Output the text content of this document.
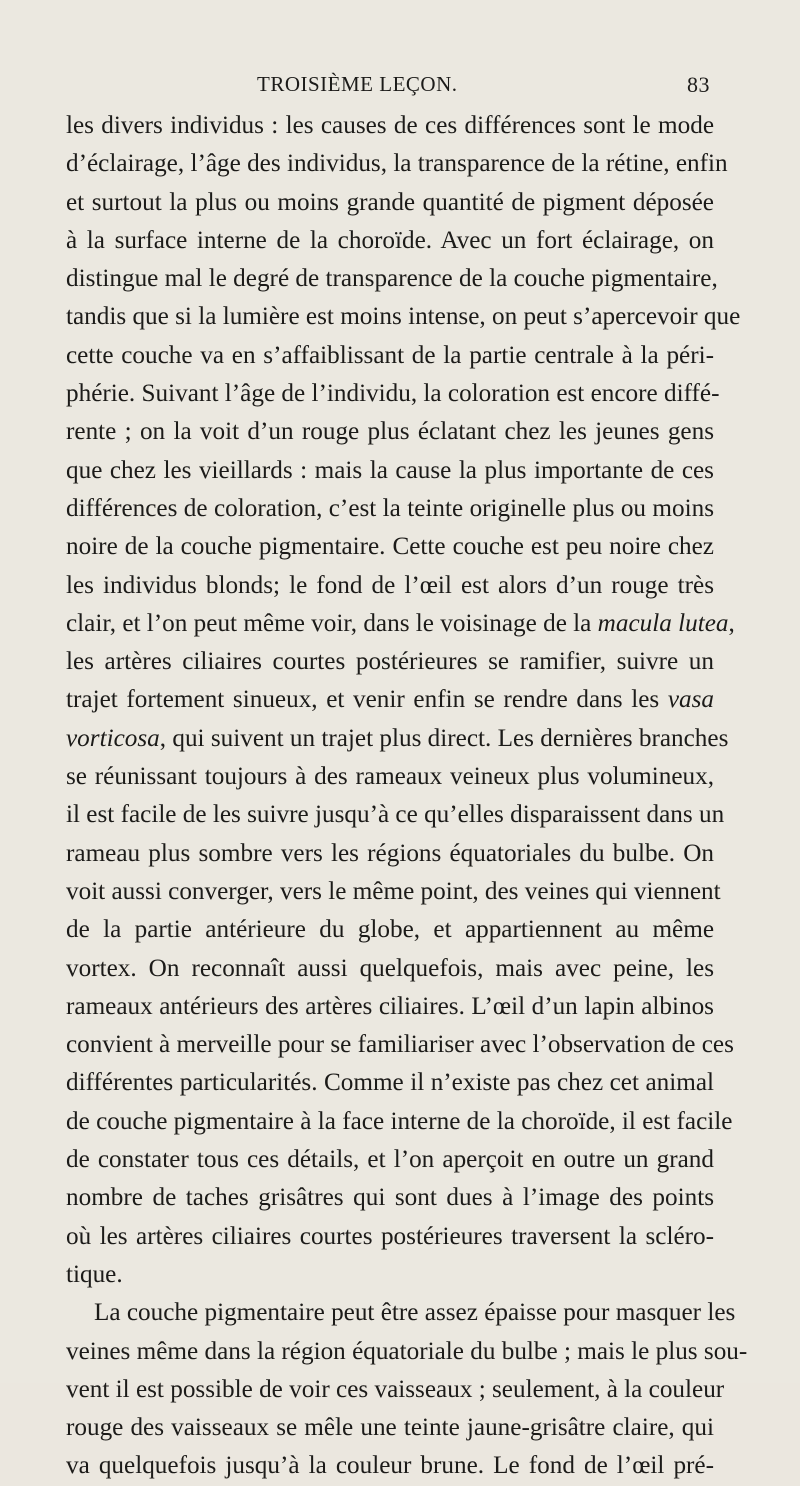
TROISIÈME LEÇON.	83
les divers individus : les causes de ces différences sont le mode
d’éclairage, l’âge des individus, la transparence de la rétine, enfin
et surtout la plus ou moins grande quantité de pigment déposée
à la surface interne de la choroïde. Avec un fort éclairage, on
distingue mal le degré de transparence de la couche pigmentaire,
tandis que si la lumière est moins intense, on peut s’apercevoir que
cette couche va en s’affaiblissant de la partie centrale à la péri-
phérie. Suivant l’âge de l’individu, la coloration est encore diffé-
rente ; on la voit d’un rouge plus éclatant chez les jeunes gens
que chez les vieillards : mais la cause la plus importante de ces
différences de coloration, c’est la teinte originelle plus ou moins
noire de la couche pigmentaire. Cette couche est peu noire chez
les individus blonds; le fond de l’œil est alors d’un rouge très
clair, et l’on peut même voir, dans le voisinage de la macula lutea,
les artères ciliaires courtes postérieures se ramifier, suivre un
trajet fortement sinueux, et venir enfin se rendre dans les vasa
vorticosa, qui suivent un trajet plus direct. Les dernières branches
se réunissant toujours à des rameaux veineux plus volumineux,
il est facile de les suivre jusqu’à ce qu’elles disparaissent dans un
rameau plus sombre vers les régions équatoriales du bulbe. On
voit aussi converger, vers le même point, des veines qui viennent
de la partie antérieure du globe, et appartiennent au même
vortex. On reconnaît aussi quelquefois, mais avec peine, les
rameaux antérieurs des artères ciliaires. L’œil d’un lapin albinos
convient à merveille pour se familiariser avec l’observation de ces
différentes particularités. Comme il n’existe pas chez cet animal
de couche pigmentaire à la face interne de la choroïde, il est facile
de constater tous ces détails, et l’on aperçoit en outre un grand
nombre de taches grisâtres qui sont dues à l’image des points
où les artères ciliaires courtes postérieures traversent la scléro-
tique.
La couche pigmentaire peut être assez épaisse pour masquer les
veines même dans la région équatoriale du bulbe ; mais le plus sou-
vent il est possible de voir ces vaisseaux ; seulement, à la couleur
rouge des vaisseaux se mêle une teinte jaune-grisâtre claire, qui
va quelquefois jusqu’à la couleur brune. Le fond de l’œil pré-
